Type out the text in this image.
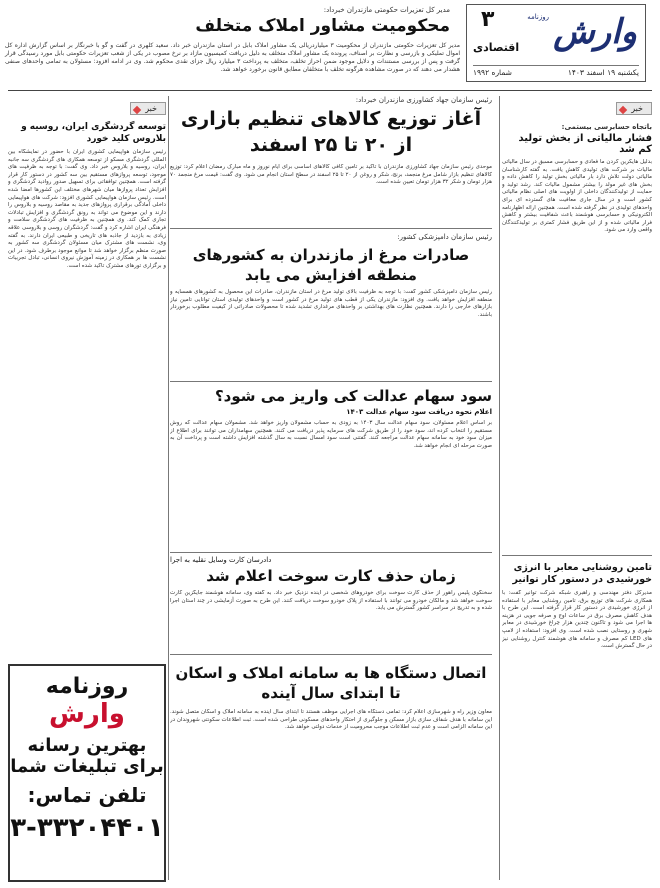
روزنامه وارش
۳
اقتصادی
یکشنبه ۱۹ اسفند ۱۴۰۳
شماره ۱۹۹۲
مدیر کل تعزیرات حکومتی مازندران خبرداد:
محکومیت مشاور املاک متخلف
مدیر کل تعزیرات حکومتی مازندران از محکومیت ۳ میلیاردریالی یک مشاور املاک بابل در استان مازندران خبر داد. سعید کلهری در گفت و گو با خبرنگار بر اساس گزارش اداره کل اموال تملیکی و بازرسی و نظارت بر اصناف، پرونده یک مشاور املاک متخلف به دلیل دریافت کمیسیون مازاد بر نرخ مصوب در یکی از شعب تعزیرات حکومتی بابل مورد رسیدگی قرار گرفت و پس از بررسی مستندات و دلایل موجود ضمن احراز تخلف، متخلف به پرداخت ۳ میلیارد ریال جزای نقدی محکوم شد. وی در ادامه افزود: مسئولان به تمامی واحدهای صنفی هشدار می دهند که در صورت مشاهده هرگونه تخلف با متخلفان مطابق قانون برخورد خواهد شد.
خبر
باتجاه حسابرسی بیستمی:
فشار مالیاتی از بخش تولید کم شد
بدلیل هایکرین کردن ما فعادی و حسابرسی مسبق در سال مالیاتی مالیات بر شرکت های تولیدی کاهش یافت. به گفته کارشناسان مالیاتی دولت تلاش دارد بار مالیاتی بخش تولید را کاهش داده و بخش های غیر مولد را بیشتر مشمول مالیات کند. رشد تولید و حمایت از تولیدکنندگان داخلی از اولویت های اصلی نظام مالیاتی کشور است و در سال جاری معافیت های گسترده ای برای واحدهای تولیدی در نظر گرفته شده است. همچنین ارائه اظهارنامه الکترونیکی و حسابرسی هوشمند باعث شفافیت بیشتر و کاهش فرار مالیاتی شده و از این طریق فشار کمتری بر تولیدکنندگان واقعی وارد می شود.
تامین روشنایی معابر با انرژی خورشیدی در دستور کار توانیر
مدیرکل دفتر مهندسی و راهبری شبکه شرکت توانیر گفت: با همکاری شرکت های توزیع برق، تامین روشنایی معابر با استفاده از انرژی خورشیدی در دستور کار قرار گرفته است. این طرح با هدف کاهش مصرف برق در ساعات اوج و صرفه جویی در هزینه ها اجرا می شود و تاکنون چندین هزار چراغ خورشیدی در معابر شهری و روستایی نصب شده است. وی افزود: استفاده از لامپ های LED کم مصرف و سامانه های هوشمند کنترل روشنایی نیز در حال گسترش است.
رئیس سازمان جهاد کشاورزی مازندران خبرداد:
آغاز توزیع کالاهای تنظیم بازاری از ۲۰ تا ۲۵ اسفند
موحدی رئیس سازمان جهاد کشاورزی مازندران با تاکید بر تامین کافی کالاهای اساسی برای ایام نوروز و ماه مبارک رمضان اعلام کرد: توزیع کالاهای تنظیم بازار شامل مرغ منجمد، برنج، شکر و روغن از ۲۰ تا ۲۵ اسفند در سطح استان انجام می شود. وی گفت: قیمت مرغ منجمد ۷۰ هزار تومان و شکر ۳۲ هزار تومان تعیین شده است.
رئیس سازمان دامپزشکی کشور:
صادرات مرغ از مازندران به کشورهای منطقه افزایش می یابد
رئیس سازمان دامپزشکی کشور گفت: با توجه به ظرفیت بالای تولید مرغ در استان مازندران، صادرات این محصول به کشورهای همسایه و منطقه افزایش خواهد یافت. وی افزود: مازندران یکی از قطب های تولید مرغ در کشور است و واحدهای تولیدی استان توانایی تامین نیاز بازارهای خارجی را دارند. همچنین نظارت های بهداشتی بر واحدهای مرغداری تشدید شده تا محصولات صادراتی از کیفیت مطلوب برخوردار باشند.
سود سهام عدالت کی واریز می شود؟
اعلام نحوه دریافت سود سهام عدالت ۱۴۰۳
بر اساس اعلام مسئولان، سود سهام عدالت سال ۱۴۰۳ به زودی به حساب مشمولان واریز خواهد شد. مشمولان سهام عدالت که روش مستقیم را انتخاب کرده اند، سود خود را از طریق شرکت های سرمایه پذیر دریافت می کنند. همچنین سهامداران می توانند برای اطلاع از میزان سود خود به سامانه سهام عدالت مراجعه کنند. گفتنی است سود امسال نسبت به سال گذشته افزایش داشته است و پرداخت آن به صورت مرحله ای انجام خواهد شد.
دادرسان کارت وسایل نقلیه به اجرا
زمان حذف کارت سوخت اعلام شد
سخنگوی پلیس راهور از حذف کارت سوخت برای خودروهای شخصی در آینده نزدیک خبر داد. به گفته وی، سامانه هوشمند جایگزین کارت سوخت خواهد شد و مالکان خودرو می توانند با استفاده از پلاک خودرو سوخت دریافت کنند. این طرح به صورت آزمایشی در چند استان اجرا شده و به تدریج در سراسر کشور گسترش می یابد.
اتصال دستگاه ها به سامانه املاک و اسکان تا ابتدای سال آینده
معاون وزیر راه و شهرسازی اعلام کرد: تمامی دستگاه های اجرایی موظف هستند تا ابتدای سال آینده به سامانه املاک و اسکان متصل شوند. این سامانه با هدف شفاف سازی بازار مسکن و جلوگیری از احتکار واحدهای مسکونی طراحی شده است. ثبت اطلاعات سکونتی شهروندان در این سامانه الزامی است و عدم ثبت اطلاعات موجب محرومیت از خدمات دولتی خواهد شد.
خبر
توسعه گردشگری ایران، روسیه و بلاروس کلید خورد
رئیس سازمان هواپیمایی کشوری ایران با حضور در نمایشگاه بین المللی گردشگری مسکو از توسعه همکاری های گردشگری سه جانبه ایران، روسیه و بلاروس خبر داد. وی گفت: با توجه به ظرفیت های موجود، توسعه پروازهای مستقیم بین سه کشور در دستور کار قرار گرفته است. همچنین توافقاتی برای تسهیل صدور روادید گردشگری و افزایش تعداد پروازها میان شهرهای مختلف این کشورها امضا شده است. رئیس سازمان هواپیمایی کشوری افزود: شرکت های هواپیمایی داخلی آمادگی برقراری پروازهای جدید به مقاصد روسیه و بلاروس را دارند و این موضوع می تواند به رونق گردشگری و افزایش تبادلات تجاری کمک کند. وی همچنین به ظرفیت های گردشگری سلامت و فرهنگی ایران اشاره کرد و گفت: گردشگران روسی و بلاروسی علاقه زیادی به بازدید از جاذبه های تاریخی و طبیعی ایران دارند. به گفته وی، نشست های مشترک میان مسئولان گردشگری سه کشور به صورت منظم برگزار خواهد شد تا موانع موجود برطرف شود. در این نشست ها بر همکاری در زمینه آموزش نیروی انسانی، تبادل تجربیات و برگزاری تورهای مشترک تاکید شده است.
روزنامه
وارش
بهترین رسانه
برای تبلیغات شما
تلفن تماس:
۳-۳۳۲۰۴۴۰۱
